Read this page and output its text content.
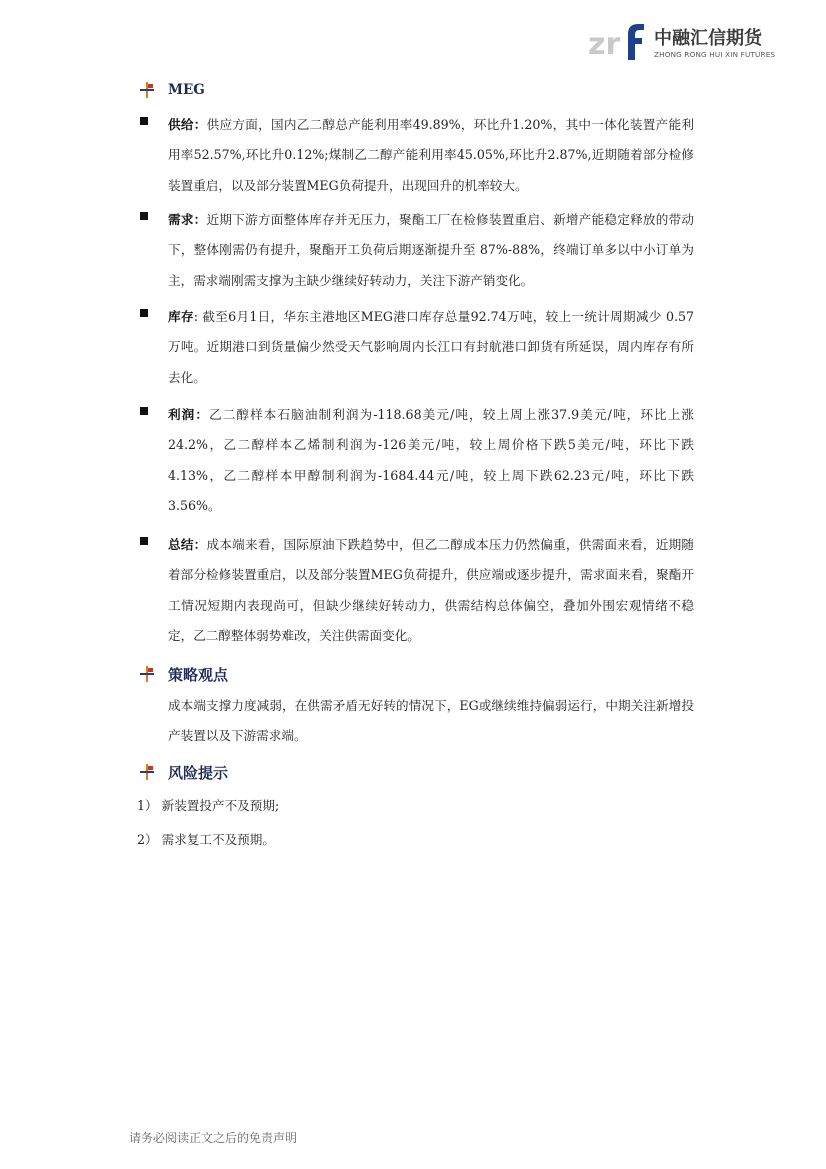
zr 中融汇信期货
ZHONG RONG HUI XIN FUTURES
MEG
供给：供应方面，国内乙二醇总产能利用率49.89%，环比升1.20%，其中一体化装置产能利用率52.57%,环比升0.12%;煤制乙二醇产能利用率45.05%,环比升2.87%,近期随着部分检修装置重启，以及部分装置MEG负荷提升，出现回升的机率较大。
需求：近期下游方面整体库存并无压力，聚酯工厂在检修装置重启、新增产能稳定释放的带动下，整体刚需仍有提升，聚酯开工负荷后期逐渐提升至 87%-88%，终端订单多以中小订单为主，需求端刚需支撑为主缺少继续好转动力，关注下游产销变化。
库存: 截至6月1日，华东主港地区MEG港口库存总量92.74万吨，较上一统计周期减少 0.57 万吨。近期港口到货量偏少然受天气影响周内长江口有封航港口卸货有所延误，周内库存有所去化。
利润：乙二醇样本石脑油制利润为-118.68美元/吨，较上周上涨37.9美元/吨，环比上涨24.2%，乙二醇样本乙烯制利润为-126美元/吨，较上周价格下跌5美元/吨，环比下跌4.13%，乙二醇样本甲醇制利润为-1684.44元/吨，较上周下跌62.23元/吨，环比下跌3.56%。
总结：成本端来看，国际原油下跌趋势中，但乙二醇成本压力仍然偏重，供需面来看，近期随着部分检修装置重启，以及部分装置MEG负荷提升，供应端或逐步提升，需求面来看，聚酯开工情况短期内表现尚可，但缺少继续好转动力，供需结构总体偏空，叠加外围宏观情绪不稳定，乙二醇整体弱势难改，关注供需面变化。
策略观点
成本端支撑力度减弱，在供需矛盾无好转的情况下，EG或继续维持偏弱运行，中期关注新增投产装置以及下游需求端。
风险提示
1） 新装置投产不及预期;
2） 需求复工不及预期。
请务必阅读正文之后的免责声明
